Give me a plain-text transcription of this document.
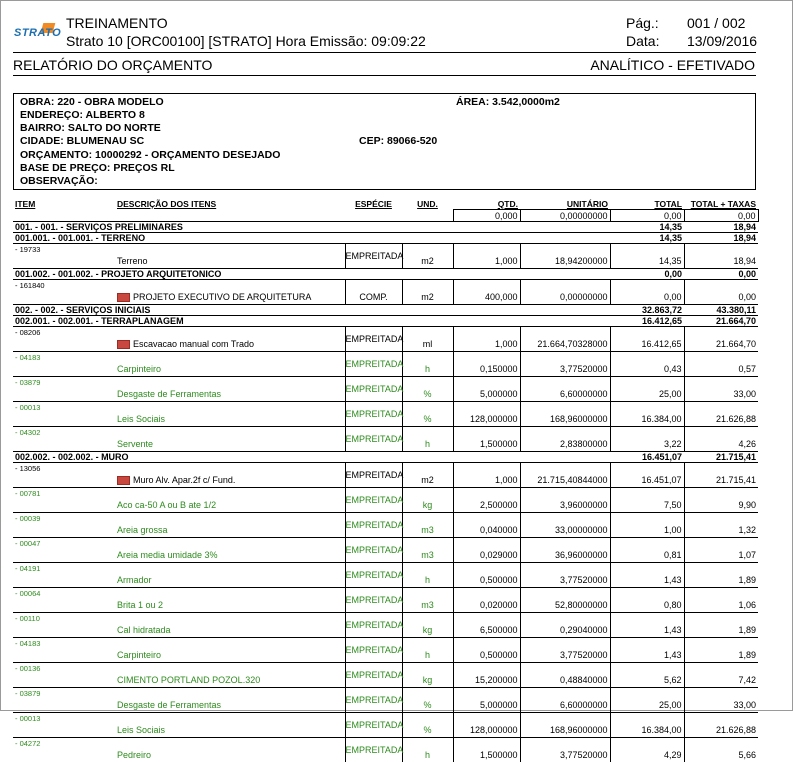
STRATO
TREINAMENTO
Strato 10 [ORC00100] [STRATO] Hora Emissão: 09:09:22
Pág.: 001 / 002
Data: 13/09/2016
RELATÓRIO DO ORÇAMENTO	ANALÍTICO - EFETIVADO
OBRA: 220 - OBRA MODELO	ÁREA: 3.542,0000m2
ENDEREÇO: ALBERTO 8
BAIRRO: SALTO DO NORTE
CIDADE: BLUMENAU SC	CEP: 89066-520
ORÇAMENTO: 10000292 - ORÇAMENTO DESEJADO
BASE DE PREÇO: PREÇOS RL
OBSERVAÇÃO:
ITEM	DESCRIÇÃO DOS ITENS	ESPÉCIE	UND.	QTD.	UNITÁRIO	TOTAL	TOTAL + TAXAS
				0,000	0,00000000	0,00	0,00
001. - 001. - SERVIÇOS PRELIMINARES						14,35	18,94
001.001. - 001.001. - TERRENO						14,35	18,94
- 19733	Terreno	EMPREITADA	m2	1,000	18,94200000	14,35	18,94
001.002. - 001.002. - PROJETO ARQUITETONICO						0,00	0,00
- 161840	PROJETO EXECUTIVO DE ARQUITETURA	COMP.	m2	400,000	0,00000000	0,00	0,00
002. - 002. - SERVIÇOS INICIAIS						32.863,72	43.380,11
002.001. - 002.001. - TERRAPLANAGEM						16.412,65	21.664,70
- 08206	Escavacao manual com Trado	EMPREITADA	ml	1,000	21.664,70328000	16.412,65	21.664,70
- 04183	Carpinteiro	EMPREITADA	h	0,150000	3,77520000	0,43	0,57
- 03879	Desgaste de Ferramentas	EMPREITADA	%	5,000000	6,60000000	25,00	33,00
- 00013	Leis Sociais	EMPREITADA	%	128,000000	168,96000000	16.384,00	21.626,88
- 04302	Servente	EMPREITADA	h	1,500000	2,83800000	3,22	4,26
002.002. - 002.002. - MURO						16.451,07	21.715,41
- 13056	Muro Alv. Apar.2f c/ Fund.	EMPREITADA	m2	1,000	21.715,40844000	16.451,07	21.715,41
- 00781	Aco ca-50 A ou B ate 1/2	EMPREITADA	kg	2,500000	3,96000000	7,50	9,90
- 00039	Areia grossa	EMPREITADA	m3	0,040000	33,00000000	1,00	1,32
- 00047	Areia media umidade 3%	EMPREITADA	m3	0,029000	36,96000000	0,81	1,07
- 04191	Armador	EMPREITADA	h	0,500000	3,77520000	1,43	1,89
- 00064	Brita 1 ou 2	EMPREITADA	m3	0,020000	52,80000000	0,80	1,06
- 00110	Cal hidratada	EMPREITADA	kg	6,500000	0,29040000	1,43	1,89
- 04183	Carpinteiro	EMPREITADA	h	0,500000	3,77520000	1,43	1,89
- 00136	CIMENTO PORTLAND POZOL.320	EMPREITADA	kg	15,200000	0,48840000	5,62	7,42
- 03879	Desgaste de Ferramentas	EMPREITADA	%	5,000000	6,60000000	25,00	33,00
- 00013	Leis Sociais	EMPREITADA	%	128,000000	168,96000000	16.384,00	21.626,88
- 04272	Pedreiro	EMPREITADA	h	1,500000	3,77520000	4,29	5,66
